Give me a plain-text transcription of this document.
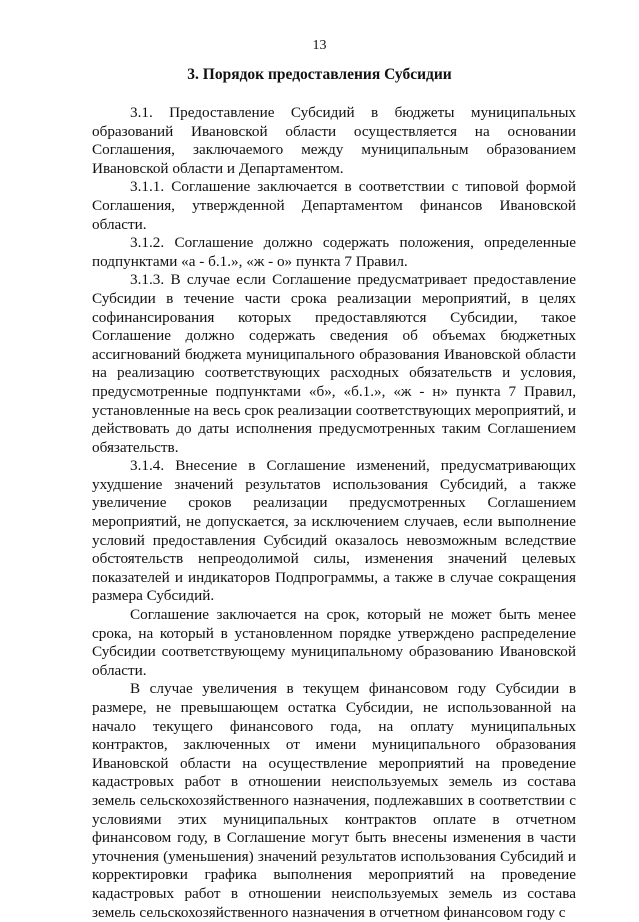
13
3. Порядок предоставления Субсидии

3.1. Предоставление Субсидий в бюджеты муниципальных образований Ивановской области осуществляется на основании Соглашения, заключаемого между муниципальным образованием Ивановской области и Департаментом.

3.1.1. Соглашение заключается в соответствии с типовой формой Соглашения, утвержденной Департаментом финансов Ивановской области.

3.1.2. Соглашение должно содержать положения, определенные подпунктами «а - б.1.», «ж - о» пункта 7 Правил.

3.1.3. В случае если Соглашение предусматривает предоставление Субсидии в течение части срока реализации мероприятий, в целях софинансирования которых предоставляются Субсидии, такое Соглашение должно содержать сведения об объемах бюджетных ассигнований бюджета муниципального образования Ивановской области на реализацию соответствующих расходных обязательств и условия, предусмотренные подпунктами «б», «б.1.», «ж - н» пункта 7 Правил, установленные на весь срок реализации соответствующих мероприятий, и действовать до даты исполнения предусмотренных таким Соглашением обязательств.

3.1.4. Внесение в Соглашение изменений, предусматривающих ухудшение значений результатов использования Субсидий, а также увеличение сроков реализации предусмотренных Соглашением мероприятий, не допускается, за исключением случаев, если выполнение условий предоставления Субсидий оказалось невозможным вследствие обстоятельств непреодолимой силы, изменения значений целевых показателей и индикаторов Подпрограммы, а также в случае сокращения размера Субсидий.

Соглашение заключается на срок, который не может быть менее срока, на который в установленном порядке утверждено распределение Субсидии соответствующему муниципальному образованию Ивановской области.

В случае увеличения в текущем финансовом году Субсидии в размере, не превышающем остатка Субсидии, не использованной на начало текущего финансового года, на оплату муниципальных контрактов, заключенных от имени муниципального образования Ивановской области на осуществление мероприятий на проведение кадастровых работ в отношении неиспользуемых земель из состава земель сельскохозяйственного назначения, подлежавших в соответствии с условиями этих муниципальных контрактов оплате в отчетном финансовом году, в Соглашение могут быть внесены изменения в части уточнения (уменьшения) значений результатов использования Субсидий и корректировки графика выполнения мероприятий на проведение кадастровых работ в отношении неиспользуемых земель из состава земель сельскохозяйственного назначения в отчетном финансовом году с
